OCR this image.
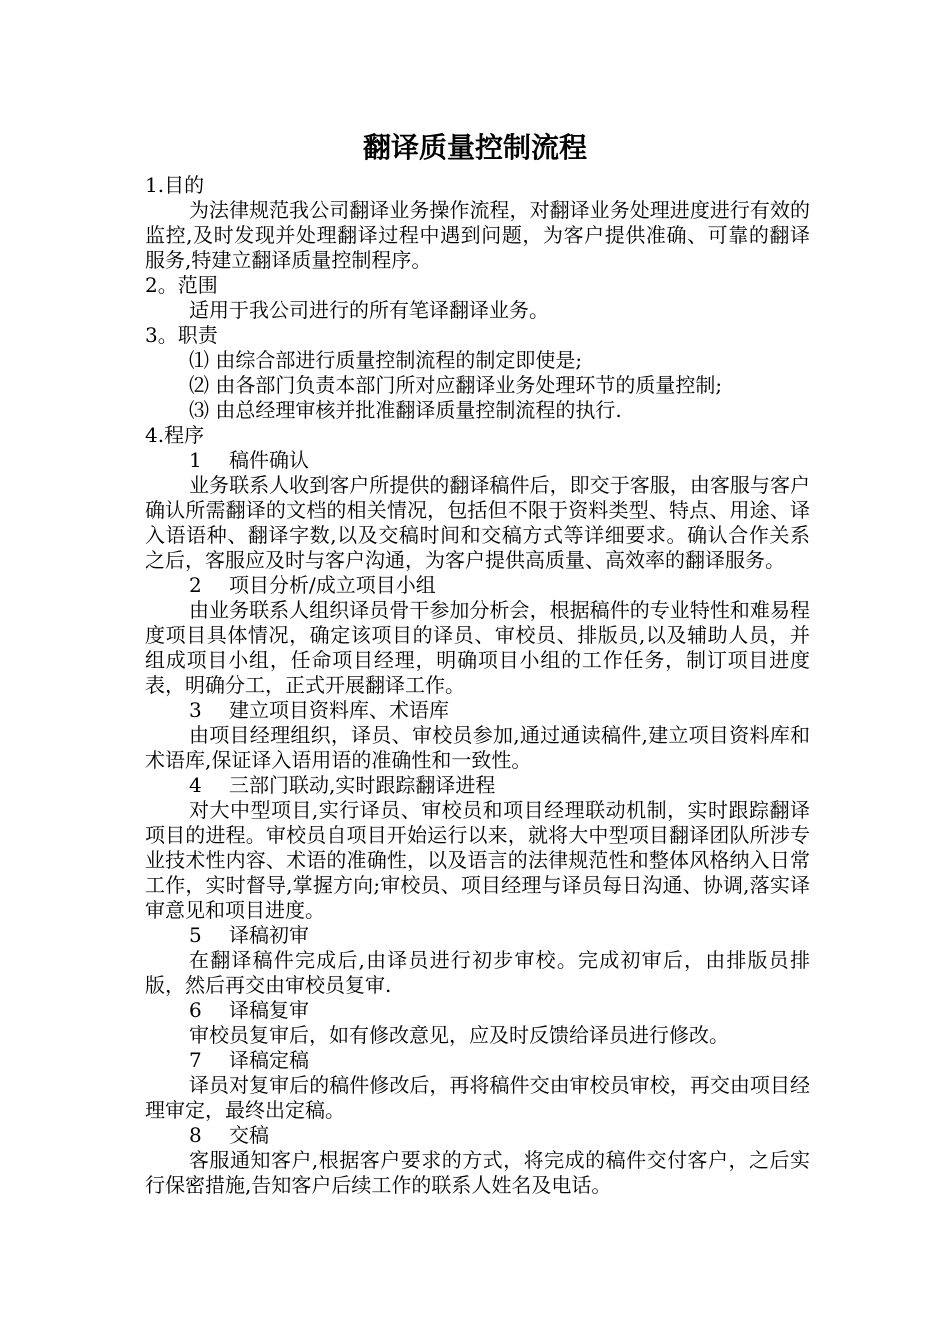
翻译质量控制流程

1.目的

为法律规范我公司翻译业务操作流程，对翻译业务处理进度进行有效的监控,及时发现并处理翻译过程中遇到问题，为客户提供准确、可靠的翻译服务,特建立翻译质量控制程序。

2。范围

适用于我公司进行的所有笔译翻译业务。

3。职责

⑴ 由综合部进行质量控制流程的制定即使是;

⑵ 由各部门负责本部门所对应翻译业务处理环节的质量控制;

⑶ 由总经理审核并批准翻译质量控制流程的执行.

4.程序

1 稿件确认

业务联系人收到客户所提供的翻译稿件后，即交于客服，由客服与客户确认所需翻译的文档的相关情况，包括但不限于资料类型、特点、用途、译入语语种、翻译字数,以及交稿时间和交稿方式等详细要求。确认合作关系之后，客服应及时与客户沟通，为客户提供高质量、高效率的翻译服务。

2 项目分析/成立项目小组

由业务联系人组织译员骨干参加分析会，根据稿件的专业特性和难易程度项目具体情况，确定该项目的译员、审校员、排版员,以及辅助人员，并组成项目小组，任命项目经理，明确项目小组的工作任务，制订项目进度表，明确分工，正式开展翻译工作。

3 建立项目资料库、术语库

由项目经理组织，译员、审校员参加,通过通读稿件,建立项目资料库和术语库,保证译入语用语的准确性和一致性。

4 三部门联动,实时跟踪翻译进程

对大中型项目,实行译员、审校员和项目经理联动机制，实时跟踪翻译项目的进程。审校员自项目开始运行以来，就将大中型项目翻译团队所涉专业技术性内容、术语的准确性，以及语言的法律规范性和整体风格纳入日常工作，实时督导,掌握方向;审校员、项目经理与译员每日沟通、协调,落实译审意见和项目进度。

5 译稿初审

在翻译稿件完成后,由译员进行初步审校。完成初审后，由排版员排版，然后再交由审校员复审.

6 译稿复审

审校员复审后，如有修改意见，应及时反馈给译员进行修改。

7 译稿定稿

译员对复审后的稿件修改后，再将稿件交由审校员审校，再交由项目经理审定，最终出定稿。

8 交稿

客服通知客户,根据客户要求的方式，将完成的稿件交付客户，之后实行保密措施,告知客户后续工作的联系人姓名及电话。
